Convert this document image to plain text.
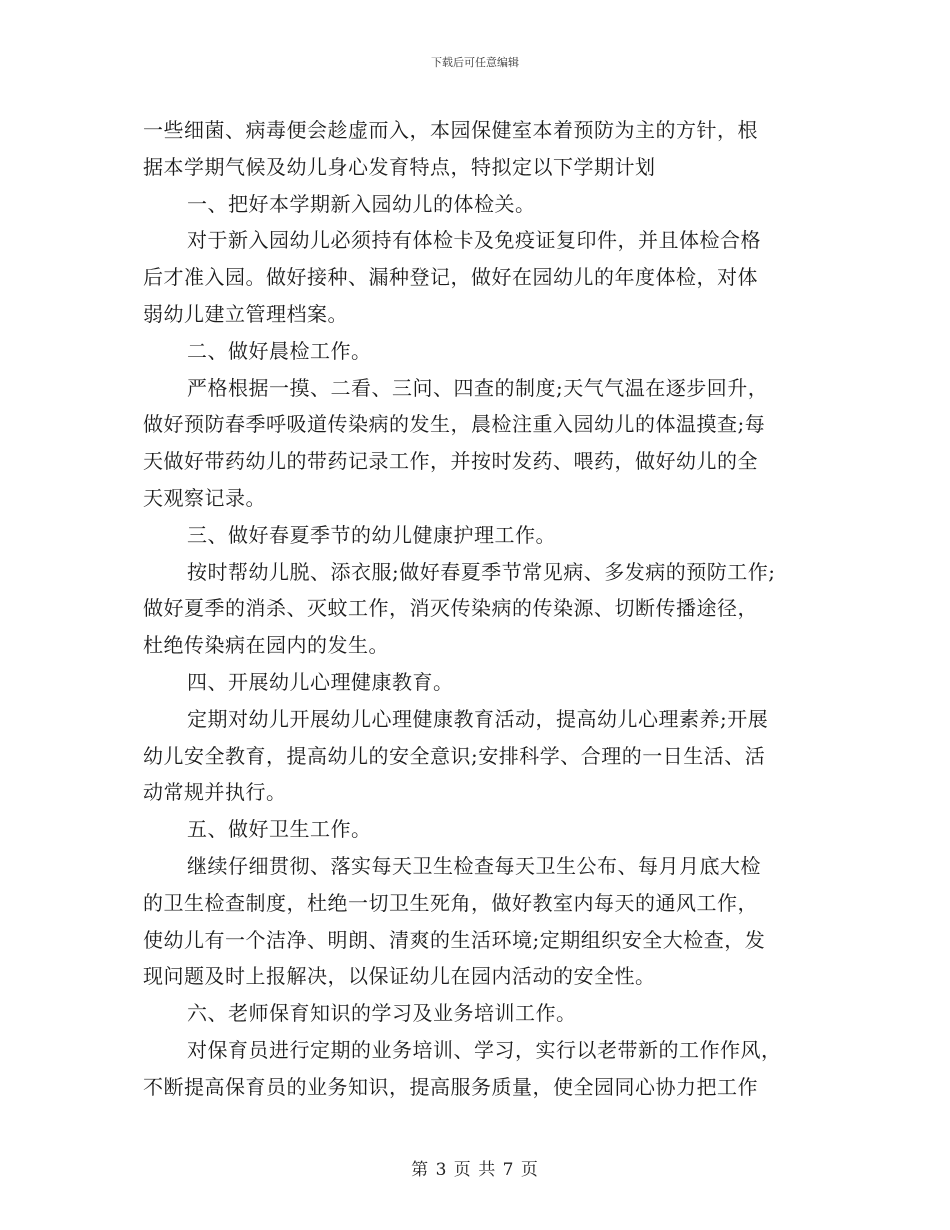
下载后可任意编辑
一些细菌、病毒便会趁虚而入，本园保健室本着预防为主的方针，根
据本学期气候及幼儿身心发育特点，特拟定以下学期计划
一、把好本学期新入园幼儿的体检关。
对于新入园幼儿必须持有体检卡及免疫证复印件，并且体检合格
后才准入园。做好接种、漏种登记，做好在园幼儿的年度体检，对体
弱幼儿建立管理档案。
二、做好晨检工作。
严格根据一摸、二看、三问、四查的制度;天气气温在逐步回升，
做好预防春季呼吸道传染病的发生，晨检注重入园幼儿的体温摸查;每
天做好带药幼儿的带药记录工作，并按时发药、喂药，做好幼儿的全
天观察记录。
三、做好春夏季节的幼儿健康护理工作。
按时帮幼儿脱、添衣服;做好春夏季节常见病、多发病的预防工作;
做好夏季的消杀、灭蚊工作，消灭传染病的传染源、切断传播途径，
杜绝传染病在园内的发生。
四、开展幼儿心理健康教育。
定期对幼儿开展幼儿心理健康教育活动，提高幼儿心理素养;开展
幼儿安全教育，提高幼儿的安全意识;安排科学、合理的一日生活、活
动常规并执行。
五、做好卫生工作。
继续仔细贯彻、落实每天卫生检查每天卫生公布、每月月底大检
的卫生检查制度，杜绝一切卫生死角，做好教室内每天的通风工作，
使幼儿有一个洁净、明朗、清爽的生活环境;定期组织安全大检查，发
现问题及时上报解决，以保证幼儿在园内活动的安全性。
六、老师保育知识的学习及业务培训工作。
对保育员进行定期的业务培训、学习，实行以老带新的工作作风，
不断提高保育员的业务知识，提高服务质量，使全园同心协力把工作
第 3 页 共 7 页
